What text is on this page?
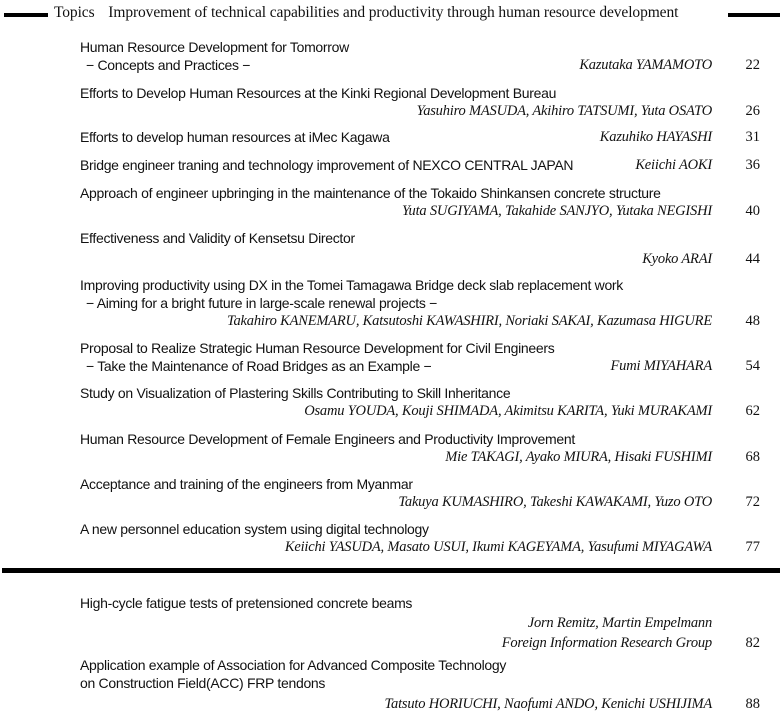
Topics Improvement of technical capabilities and productivity through human resource development
Human Resource Development for Tomorrow
− Concepts and Practices −	Kazutaka YAMAMOTO	22
Efforts to Develop Human Resources at the Kinki Regional Development Bureau
Yasuhiro MASUDA, Akihiro TATSUMI, Yuta OSATO	26
Efforts to develop human resources at iMec Kagawa	Kazuhiko HAYASHI	31
Bridge engineer traning and technology improvement of NEXCO CENTRAL JAPAN	Keiichi AOKI	36
Approach of engineer upbringing in the maintenance of the Tokaido Shinkansen concrete structure
Yuta SUGIYAMA, Takahide SANJYO, Yutaka NEGISHI	40
Effectiveness and Validity of Kensetsu Director
Kyoko ARAI	44
Improving productivity using DX in the Tomei Tamagawa Bridge deck slab replacement work
− Aiming for a bright future in large-scale renewal projects −
Takahiro KANEMARU, Katsutoshi KAWASHIRI, Noriaki SAKAI, Kazumasa HIGURE	48
Proposal to Realize Strategic Human Resource Development for Civil Engineers
− Take the Maintenance of Road Bridges as an Example −	Fumi MIYAHARA	54
Study on Visualization of Plastering Skills Contributing to Skill Inheritance
Osamu YOUDA, Kouji SHIMADA, Akimitsu KARITA, Yuki MURAKAMI	62
Human Resource Development of Female Engineers and Productivity Improvement
Mie TAKAGI, Ayako MIURA, Hisaki FUSHIMI	68
Acceptance and training of the engineers from Myanmar
Takuya KUMASHIRO, Takeshi KAWAKAMI, Yuzo OTO	72
A new personnel education system using digital technology
Keiichi YASUDA, Masato USUI, Ikumi KAGEYAMA, Yasufumi MIYAGAWA	77
High-cycle fatigue tests of pretensioned concrete beams
Jorn Remitz, Martin Empelmann
Foreign Information Research Group	82
Application example of Association for Advanced Composite Technology
on Construction Field(ACC) FRP tendons
Tatsuto HORIUCHI, Naofumi ANDO, Kenichi USHIJIMA	88
